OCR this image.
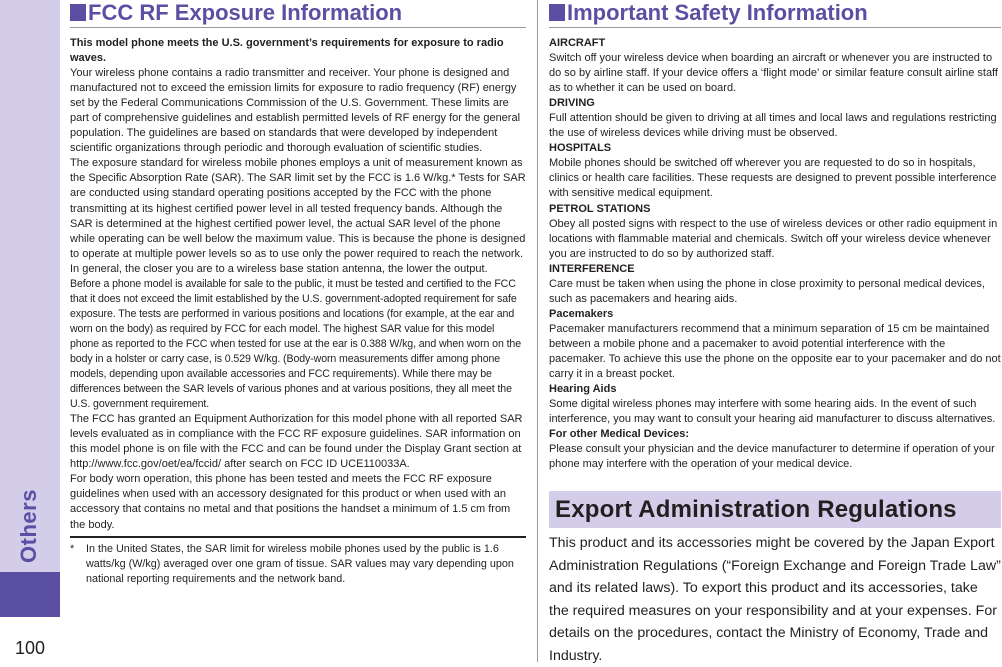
Others
100
FCC RF Exposure Information

This model phone meets the U.S. government’s requirements for exposure to radio waves.

Your wireless phone contains a radio transmitter and receiver. Your phone is designed and manufactured not to exceed the emission limits for exposure to radio frequency (RF) energy set by the Federal Communications Commission of the U.S. Government. These limits are part of comprehensive guidelines and establish permitted levels of RF energy for the general population. The guidelines are based on standards that were developed by independent scientific organizations through periodic and thorough evaluation of scientific studies.

The exposure standard for wireless mobile phones employs a unit of measurement known as the Specific Absorption Rate (SAR). The SAR limit set by the FCC is 1.6 W/kg.* Tests for SAR are conducted using standard operating positions accepted by the FCC with the phone transmitting at its highest certified power level in all tested frequency bands. Although the SAR is determined at the highest certified power level, the actual SAR level of the phone while operating can be well below the maximum value. This is because the phone is designed to operate at multiple power levels so as to use only the power required to reach the network. In general, the closer you are to a wireless base station antenna, the lower the output.

Before a phone model is available for sale to the public, it must be tested and certified to the FCC that it does not exceed the limit established by the U.S. government-adopted requirement for safe exposure. The tests are performed in various positions and locations (for example, at the ear and worn on the body) as required by FCC for each model. The highest SAR value for this model phone as reported to the FCC when tested for use at the ear is 0.388 W/kg, and when worn on the body in a holster or carry case, is 0.529 W/kg. (Body-worn measurements differ among phone models, depending upon available accessories and FCC requirements). While there may be differences between the SAR levels of various phones and at various positions, they all meet the U.S. government requirement.

The FCC has granted an Equipment Authorization for this model phone with all reported SAR levels evaluated as in compliance with the FCC RF exposure guidelines. SAR information on this model phone is on file with the FCC and can be found under the Display Grant section at http://www.fcc.gov/oet/ea/fccid/ after search on FCC ID UCE110033A.

For body worn operation, this phone has been tested and meets the FCC RF exposure guidelines when used with an accessory designated for this product or when used with an accessory that contains no metal and that positions the handset a minimum of 1.5 cm from the body.

* In the United States, the SAR limit for wireless mobile phones used by the public is 1.6 watts/kg (W/kg) averaged over one gram of tissue. SAR values may vary depending upon national reporting requirements and the network band.
Important Safety Information

AIRCRAFT

Switch off your wireless device when boarding an aircraft or whenever you are instructed to do so by airline staff. If your device offers a ‘flight mode’ or similar feature consult airline staff as to whether it can be used on board.

DRIVING

Full attention should be given to driving at all times and local laws and regulations restricting the use of wireless devices while driving must be observed.

HOSPITALS

Mobile phones should be switched off wherever you are requested to do so in hospitals, clinics or health care facilities. These requests are designed to prevent possible interference with sensitive medical equipment.

PETROL STATIONS

Obey all posted signs with respect to the use of wireless devices or other radio equipment in locations with flammable material and chemicals. Switch off your wireless device whenever you are instructed to do so by authorized staff.

INTERFERENCE

Care must be taken when using the phone in close proximity to personal medical devices, such as pacemakers and hearing aids.

Pacemakers

Pacemaker manufacturers recommend that a minimum separation of 15 cm be maintained between a mobile phone and a pacemaker to avoid potential interference with the pacemaker. To achieve this use the phone on the opposite ear to your pacemaker and do not carry it in a breast pocket.

Hearing Aids

Some digital wireless phones may interfere with some hearing aids. In the event of such interference, you may want to consult your hearing aid manufacturer to discuss alternatives.

For other Medical Devices:

Please consult your physician and the device manufacturer to determine if operation of your phone may interfere with the operation of your medical device.

Export Administration Regulations
This product and its accessories might be covered by the Japan Export Administration Regulations (“Foreign Exchange and Foreign Trade Law” and its related laws). To export this product and its accessories, take the required measures on your responsibility and at your expenses. For details on the procedures, contact the Ministry of Economy, Trade and Industry.
